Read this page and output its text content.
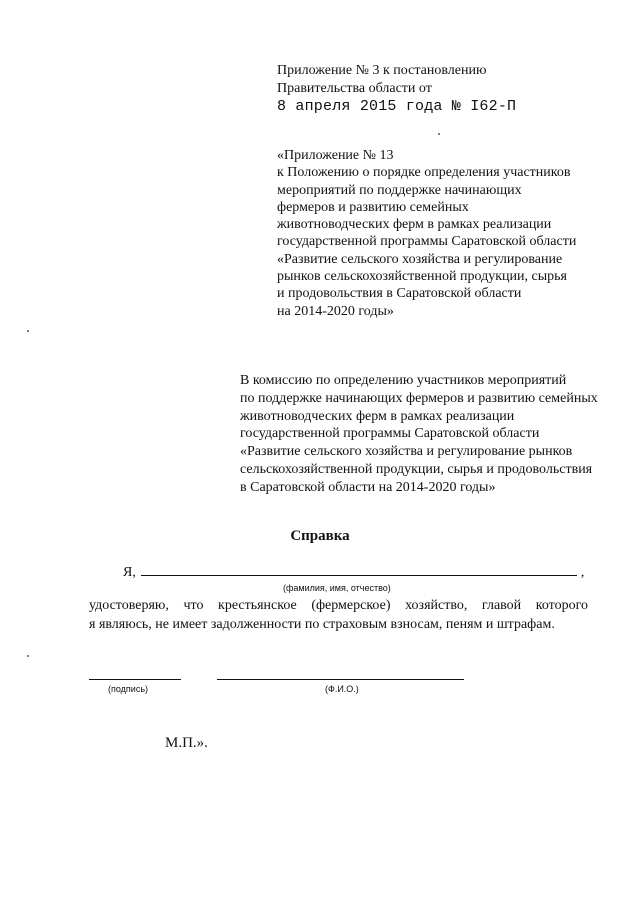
Приложение № 3 к постановлению
Правительства области от
8 апреля 2015 года № I62-П
«Приложение № 13
к Положению о порядке определения участников
мероприятий по поддержке начинающих
фермеров и развитию семейных
животноводческих ферм в рамках реализации
государственной программы Саратовской области
«Развитие сельского хозяйства и регулирование
рынков сельскохозяйственной продукции, сырья
и продовольствия в Саратовской области
на 2014-2020 годы»
В комиссию по определению участников мероприятий
по поддержке начинающих фермеров и развитию семейных
животноводческих ферм в рамках реализации
государственной программы Саратовской области
«Развитие сельского хозяйства и регулирование рынков
сельскохозяйственной продукции, сырья и продовольствия
в Саратовской области на 2014-2020 годы»
Справка
Я,	,
(фамилия, имя, отчество)
удостоверяю, что крестьянское (фермерское) хозяйство, главой которого
я являюсь, не имеет задолженности по страховым взносам, пеням и штрафам.
(подпись)	(Ф.И.О.)
М.П.».
